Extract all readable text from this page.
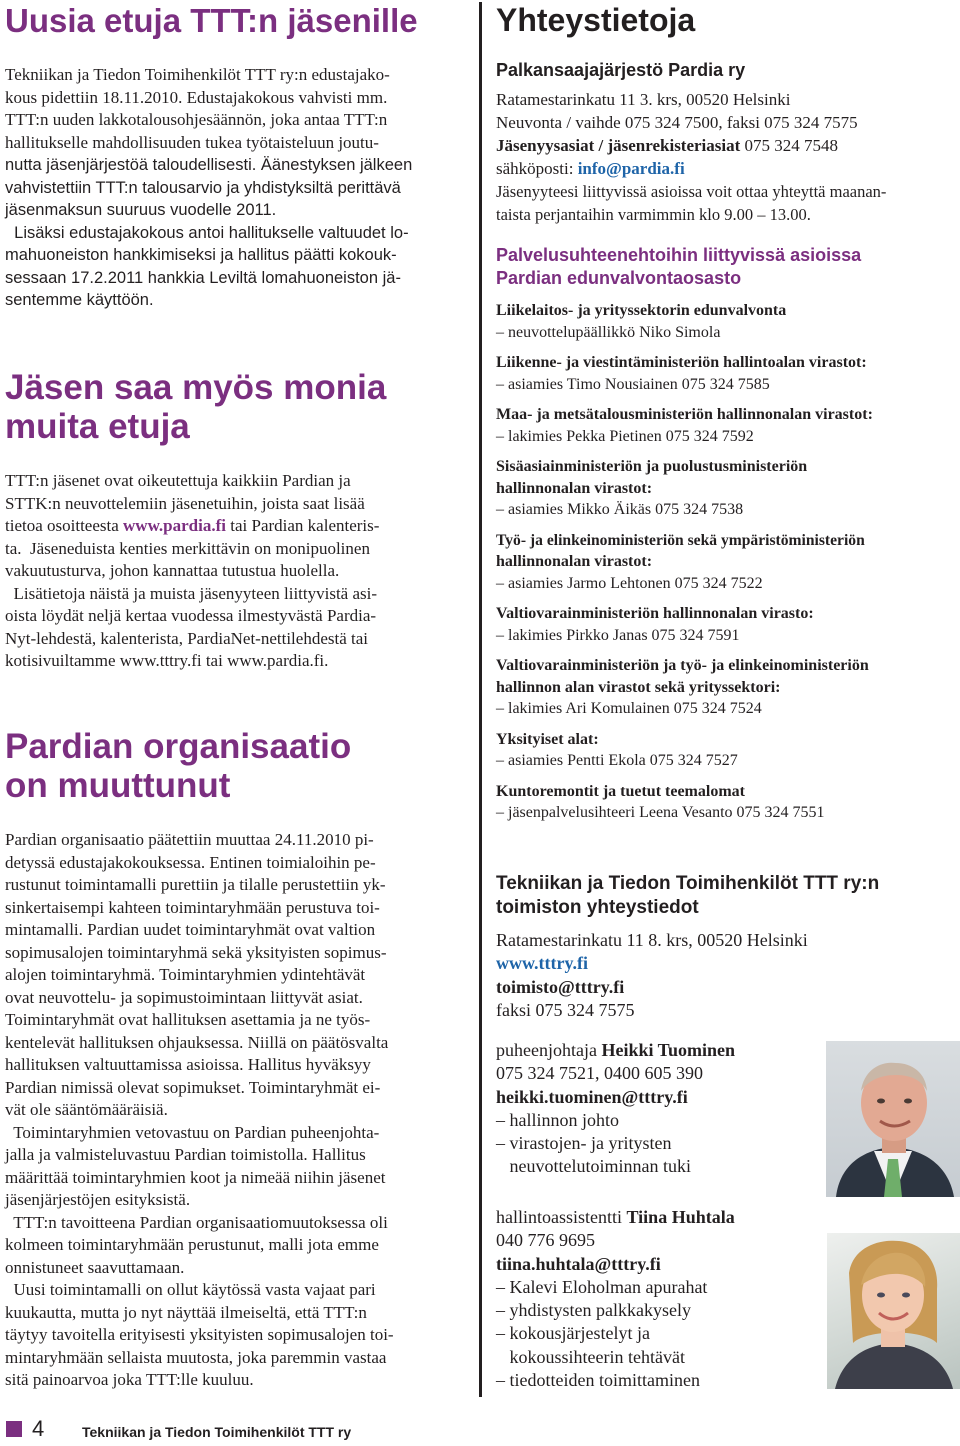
Uusia etuja TTT:n jäsenille
Tekniikan ja Tiedon Toimihenkilöt TTT ry:n edustajako-
kous pidettiin 18.11.2010. Edustajakokous vahvisti mm.
TTT:n uuden lakkotalousohjesäännön, joka antaa TTT:n
hallitukselle mahdollisuuden tukea työtaisteluun joutu-
nutta jäsenjärjestöä taloudellisesti. Äänestyksen jälkeen
vahvistettiin TTT:n talousarvio ja yhdistyksiltä perittävä
jäsenmaksun suuruus vuodelle 2011.
Lisäksi edustajakokous antoi hallitukselle valtuudet lo-
mahuoneiston hankkimiseksi ja hallitus päätti kokouk-
sessaan 17.2.2011 hankkia Leviltä lomahuoneiston jä-
sentemme käyttöön.
Jäsen saa myös monia
muita etuja
TTT:n jäsenet ovat oikeutettuja kaikkiin Pardian ja
STTK:n neuvottelemiin jäsenetuihin, joista saat lisää
tietoa osoitteesta www.pardia.fi tai Pardian kalenteris-
ta.  Jäseneduista kenties merkittävin on monipuolinen
vakuutusturva, johon kannattaa tutustua huolella.
Lisätietoja näistä ja muista jäsenyyteen liittyvistä asi-
oista löydät neljä kertaa vuodessa ilmestyvästä Pardia-
Nyt-lehdestä, kalenterista, PardiaNet-nettilehdestä tai
kotisivuiltamme www.tttry.fi tai www.pardia.fi.
Pardian organisaatio
on muuttunut
Pardian organisaatio päätettiin muuttaa 24.11.2010 pi-
detyssä edustajakokouksessa. Entinen toimialoihin pe-
rustunut toimintamalli purettiin ja tilalle perustettiin yk-
sinkertaisempi kahteen toimintaryhmään perustuva toi-
mintamalli. Pardian uudet toimintaryhmät ovat valtion
sopimusalojen toimintaryhmä sekä yksityisten sopimus-
alojen toimintaryhmä. Toimintaryhmien ydintehtävät
ovat neuvottelu- ja sopimustoimintaan liittyvät asiat.
Toimintaryhmät ovat hallituksen asettamia ja ne työs-
kentelevät hallituksen ohjauksessa. Niillä on päätösvalta
hallituksen valtuuttamissa asioissa. Hallitus hyväksyy
Pardian nimissä olevat sopimukset. Toimintaryhmät ei-
vät ole sääntömääräisiä.
Toimintaryhmien vetovastuu on Pardian puheenjohta-
jalla ja valmisteluvastuu Pardian toimistolla. Hallitus
määrittää toimintaryhmien koot ja nimeää niihin jäsenet
jäsenjärjestöjen esityksistä.
TTT:n tavoitteena Pardian organisaatiomuutoksessa oli
kolmeen toimintaryhmään perustunut, malli jota emme
onnistuneet saavuttamaan.
Uusi toimintamalli on ollut käytössä vasta vajaat pari
kuukautta, mutta jo nyt näyttää ilmeiseltä, että TTT:n
täytyy tavoitella erityisesti yksityisten sopimusalojen toi-
mintaryhmään sellaista muutosta, joka paremmin vastaa
sitä painoarvoa joka TTT:lle kuuluu.
Yhteystietoja
Palkansaajajärjestö Pardia ry
Ratamestarinkatu 11 3. krs, 00520 Helsinki
Neuvonta / vaihde 075 324 7500, faksi 075 324 7575
Jäsenyysasiat / jäsenrekisteriasiat 075 324 7548
sähköposti: info@pardia.fi
Jäsenyyteesi liittyvissä asioissa voit ottaa yhteyttä maanan-
taista perjantaihin varmimmin klo 9.00 – 13.00.
Palvelusuhteenehtoihin liittyvissä asioissa
Pardian edunvalvontaosasto
Liikelaitos- ja yrityssektorin edunvalvonta
– neuvottelupäällikkö Niko Simola
Liikenne- ja viestintäministeriön hallintoalan virastot:
– asiamies Timo Nousiainen 075 324 7585
Maa- ja metsätalousministeriön hallinnonalan virastot:
– lakimies Pekka Pietinen 075 324 7592
Sisäasiainministeriön ja puolustusministeriön
hallinnonalan virastot:
– asiamies Mikko Äikäs 075 324 7538
Työ- ja elinkeinoministeriön sekä ympäristöministeriön
hallinnonalan virastot:
– asiamies Jarmo Lehtonen 075 324 7522
Valtiovarainministeriön hallinnonalan virasto:
– lakimies Pirkko Janas 075 324 7591
Valtiovarainministeriön ja työ- ja elinkeinoministeriön
hallinnon alan virastot sekä yrityssektori:
– lakimies Ari Komulainen 075 324 7524
Yksityiset alat:
– asiamies Pentti Ekola 075 324 7527
Kuntoremontit ja tuetut teemalomat
– jäsenpalvelusihteeri Leena Vesanto 075 324 7551
Tekniikan ja Tiedon Toimihenkilöt TTT ry:n
toimiston yhteystiedot
Ratamestarinkatu 11 8. krs, 00520 Helsinki
www.tttry.fi
toimisto@tttry.fi
faksi 075 324 7575
puheenjohtaja Heikki Tuominen
075 324 7521, 0400 605 390
heikki.tuominen@tttry.fi
– hallinnon johto
– virastojen- ja yritysten
neuvottelutoiminnan tuki
hallintoassistentti Tiina Huhtala
040 776 9695
tiina.huhtala@tttry.fi
– Kalevi Eloholman apurahat
– yhdistysten palkkakysely
– kokousjärjestelyt ja
kokoussihteerin tehtävät
– tiedotteiden toimittaminen
4	Tekniikan ja Tiedon Toimihenkilöt TTT ry
